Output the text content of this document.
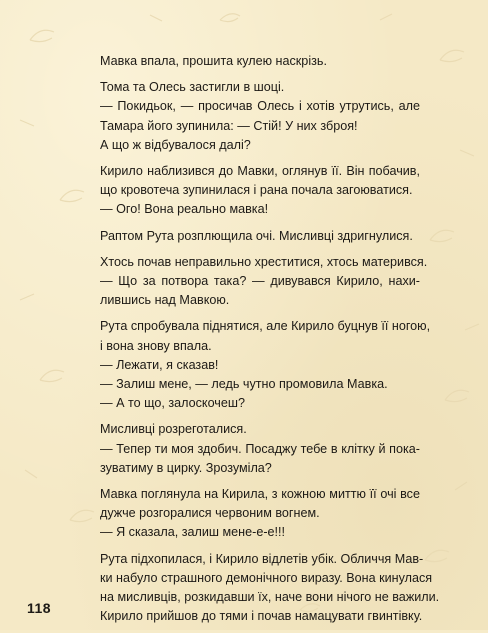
Мавка впала, прошита кулею наскрізь.
Тома та Олесь застигли в шоці.
— Покидьок, — просичав Олесь і хотів утрутись, але
Тамара його зупинила: — Стій! У них зброя!
А що ж відбувалося далі?
Кирило наблизився до Мавки, оглянув її. Він побачив,
що кровотеча зупинилася і рана почала загоюватися.
— Ого! Вона реально мавка!
Раптом Рута розплющила очі. Мисливці здригнулися.
Хтось почав неправильно хреститися, хтось матерився.
— Що за потвора така? — дивувався Кирило, нахи-
лившись над Мавкою.
Рута спробувала піднятися, але Кирило буцнув її ногою,
і вона знову впала.
— Лежати, я сказав!
— Залиш мене, — ледь чутно промовила Мавка.
— А то що, залоскочеш?
Мисливці розреготалися.
— Тепер ти моя здобич. Посаджу тебе в клітку й пока-
зуватиму в цирку. Зрозуміла?
Мавка поглянула на Кирила, з кожною миттю її очі все
дужче розгоралися червоним вогнем.
— Я сказала, залиш мене-е-е!!!
Рута підхопилася, і Кирило відлетів убік. Обличчя Мав-
ки набуло страшного демонічного виразу. Вона кинулася
на мисливців, розкидавши їх, наче вони нічого не важили.
Кирило прийшов до тями і почав намацувати гвинтівку.
118
